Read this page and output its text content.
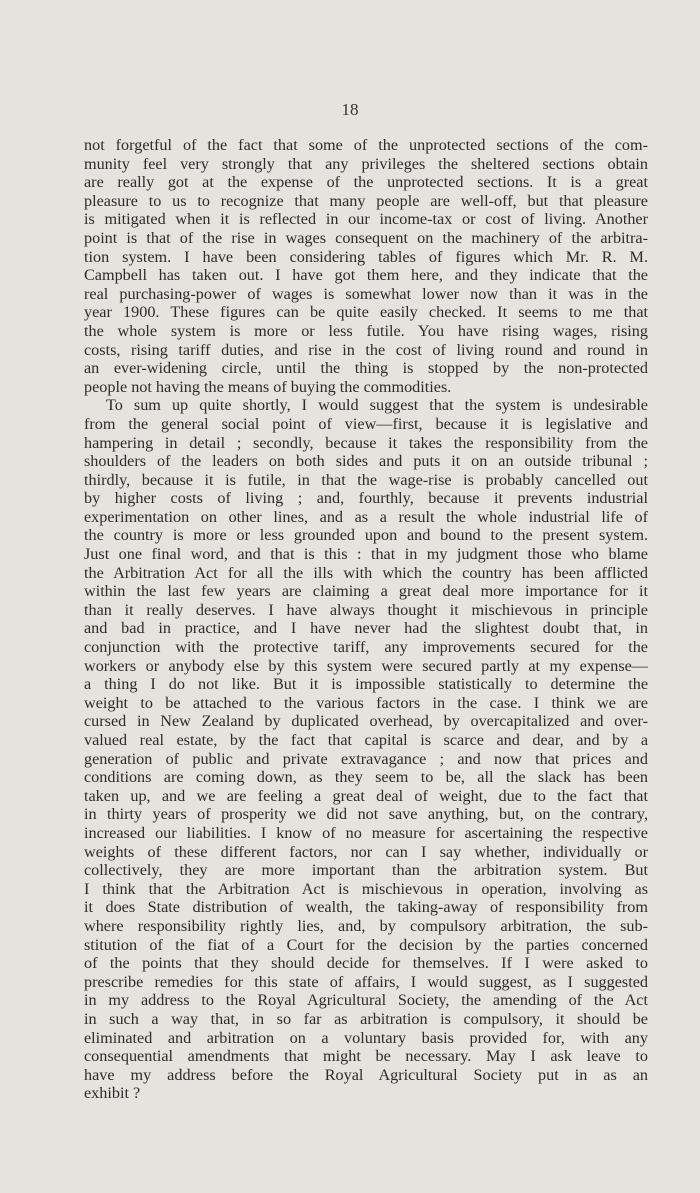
18
not forgetful of the fact that some of the unprotected sections of the com-
munity feel very strongly that any privileges the sheltered sections obtain
are really got at the expense of the unprotected sections. It is a great
pleasure to us to recognize that many people are well-off, but that pleasure
is mitigated when it is reflected in our income-tax or cost of living. Another
point is that of the rise in wages consequent on the machinery of the arbitra-
tion system. I have been considering tables of figures which Mr. R. M.
Campbell has taken out. I have got them here, and they indicate that the
real purchasing-power of wages is somewhat lower now than it was in the
year 1900. These figures can be quite easily checked. It seems to me that
the whole system is more or less futile. You have rising wages, rising
costs, rising tariff duties, and rise in the cost of living round and round in
an ever-widening circle, until the thing is stopped by the non-protected
people not having the means of buying the commodities.
To sum up quite shortly, I would suggest that the system is undesirable
from the general social point of view—first, because it is legislative and
hampering in detail ; secondly, because it takes the responsibility from the
shoulders of the leaders on both sides and puts it on an outside tribunal ;
thirdly, because it is futile, in that the wage-rise is probably cancelled out
by higher costs of living ; and, fourthly, because it prevents industrial
experimentation on other lines, and as a result the whole industrial life of
the country is more or less grounded upon and bound to the present system.
Just one final word, and that is this : that in my judgment those who blame
the Arbitration Act for all the ills with which the country has been afflicted
within the last few years are claiming a great deal more importance for it
than it really deserves. I have always thought it mischievous in principle
and bad in practice, and I have never had the slightest doubt that, in
conjunction with the protective tariff, any improvements secured for the
workers or anybody else by this system were secured partly at my expense—
a thing I do not like. But it is impossible statistically to determine the
weight to be attached to the various factors in the case. I think we are
cursed in New Zealand by duplicated overhead, by overcapitalized and over-
valued real estate, by the fact that capital is scarce and dear, and by a
generation of public and private extravagance ; and now that prices and
conditions are coming down, as they seem to be, all the slack has been
taken up, and we are feeling a great deal of weight, due to the fact that
in thirty years of prosperity we did not save anything, but, on the contrary,
increased our liabilities. I know of no measure for ascertaining the respective
weights of these different factors, nor can I say whether, individually or
collectively, they are more important than the arbitration system. But
I think that the Arbitration Act is mischievous in operation, involving as
it does State distribution of wealth, the taking-away of responsibility from
where responsibility rightly lies, and, by compulsory arbitration, the sub-
stitution of the fiat of a Court for the decision by the parties concerned
of the points that they should decide for themselves. If I were asked to
prescribe remedies for this state of affairs, I would suggest, as I suggested
in my address to the Royal Agricultural Society, the amending of the Act
in such a way that, in so far as arbitration is compulsory, it should be
eliminated and arbitration on a voluntary basis provided for, with any
consequential amendments that might be necessary. May I ask leave to
have my address before the Royal Agricultural Society put in as an
exhibit ?
